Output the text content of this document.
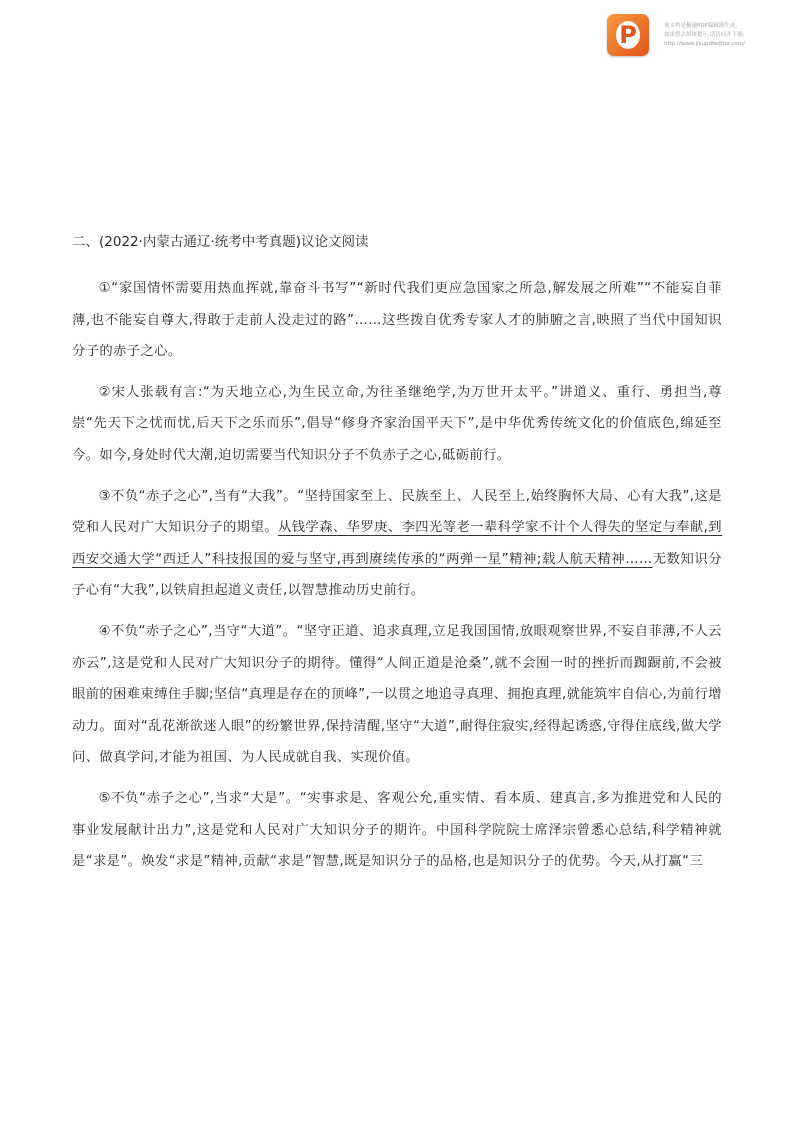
P	该文档是极速PDF编辑器生成,
如果想去掉该提示,请访问并下载:
http://www.jisupdfeditor.com/
二、(2022·内蒙古通辽·统考中考真题)议论文阅读

①“家国情怀需要用热血挥就,靠奋斗书写”“新时代我们更应急国家之所急,解发展之所难”“不能妄自菲薄,也不能妄自尊大,得敢于走前人没走过的路”……这些拨自优秀专家人才的肺腑之言,映照了当代中国知识分子的赤子之心。

②宋人张载有言:“为天地立心,为生民立命,为往圣继绝学,为万世开太平。”讲道义、重行、勇担当,尊崇“先天下之忧而忧,后天下之乐而乐”,倡导“修身齐家治国平天下”,是中华优秀传统文化的价值底色,绵延至今。如今,身处时代大潮,迫切需要当代知识分子不负赤子之心,砥砺前行。

③不负“赤子之心”,当有“大我”。“坚持国家至上、民族至上、人民至上,始终胸怀大局、心有大我”,这是党和人民对广大知识分子的期望。从钱学森、华罗庚、李四光等老一辈科学家不计个人得失的坚定与奉献,到西安交通大学“西迁人”科技报国的爱与坚守,再到赓续传承的“两弹一星”精神;载人航天精神……无数知识分子心有“大我”,以铁肩担起道义责任,以智慧推动历史前行。

④不负“赤子之心”,当守“大道”。“坚守正道、追求真理,立足我国国情,放眼观察世界,不妄自菲薄,不人云亦云”,这是党和人民对广大知识分子的期待。懂得“人间正道是沧桑”,就不会囿一时的挫折而踟蹰前,不会被眼前的困难束缚住手脚;坚信“真理是存在的顶峰”,一以贯之地追寻真理、拥抱真理,就能筑牢自信心,为前行增动力。面对“乱花渐欲迷人眼”的纷繁世界,保持清醒,坚守“大道”,耐得住寂实,经得起诱惑,守得住底线,做大学问、做真学问,才能为祖国、为人民成就自我、实现价值。

⑤不负“赤子之心”,当求“大是”。“实事求是、客观公允,重实情、看本质、建真言,多为推进党和人民的事业发展献计出力”,这是党和人民对广大知识分子的期许。中国科学院院士席泽宗曾悉心总结,科学精神就是“求是”。焕发“求是”精神,贡献“求是”智慧,既是知识分子的品格,也是知识分子的优势。今天,从打赢“三
